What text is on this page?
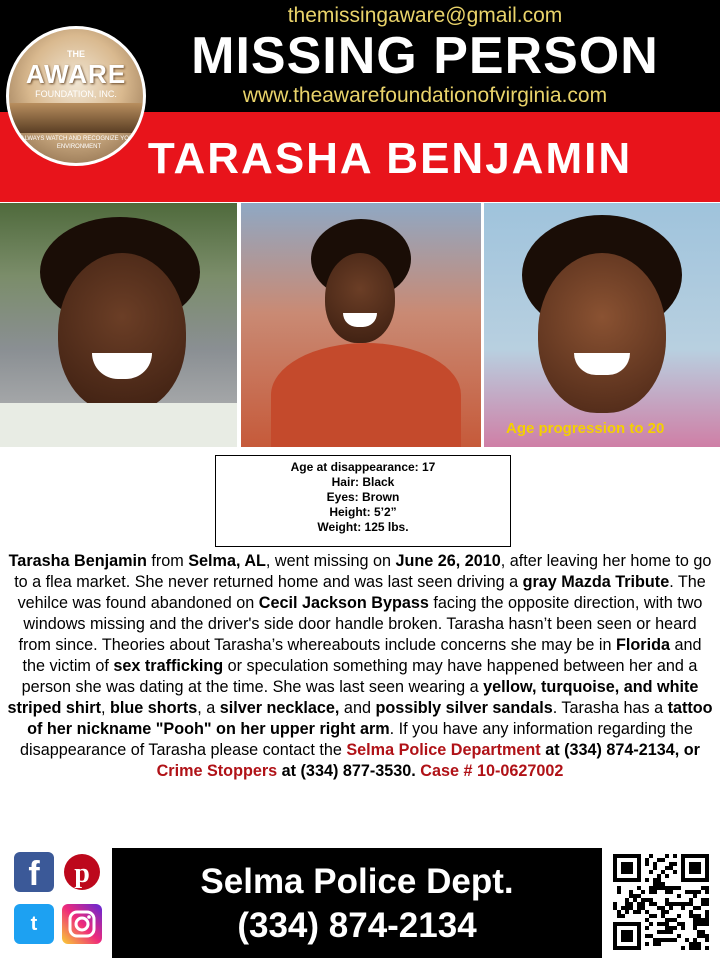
themissingaware@gmail.com
MISSING PERSON
www.theawarefoundationofvirginia.com
TARASHA BENJAMIN
THE
AWARE
FOUNDATION, INC.
ALWAYS WATCH AND RECOGNIZE YOUR ENVIRONMENT
Age progression to 20
Age at disappearance: 17
Hair: Black
Eyes: Brown
Height: 5’2”
Weight: 125 lbs.
Tarasha Benjamin from Selma, AL, went missing on June 26, 2010, after leaving her home to go to a flea market. She never returned home and was last seen driving a gray Mazda Tribute. The vehilce was found abandoned on Cecil Jackson Bypass facing the opposite direction, with two windows missing and the driver's side door handle broken. Tarasha hasn’t been seen or heard from since. Theories about Tarasha’s whereabouts include concerns she may be in Florida and the victim of sex trafficking or speculation something may have happened between her and a person she was dating at the time. She was last seen wearing a yellow, turquoise, and white striped shirt, blue shorts, a silver necklace, and possibly silver sandals. Tarasha has a tattoo of her nickname "Pooh" on her upper right arm. If you have any information regarding the disappearance of Tarasha please contact the Selma Police Department at (334) 874-2134, or Crime Stoppers at (334) 877-3530. Case # 10-0627002
f	p
t
Selma Police Dept.
(334) 874-2134
